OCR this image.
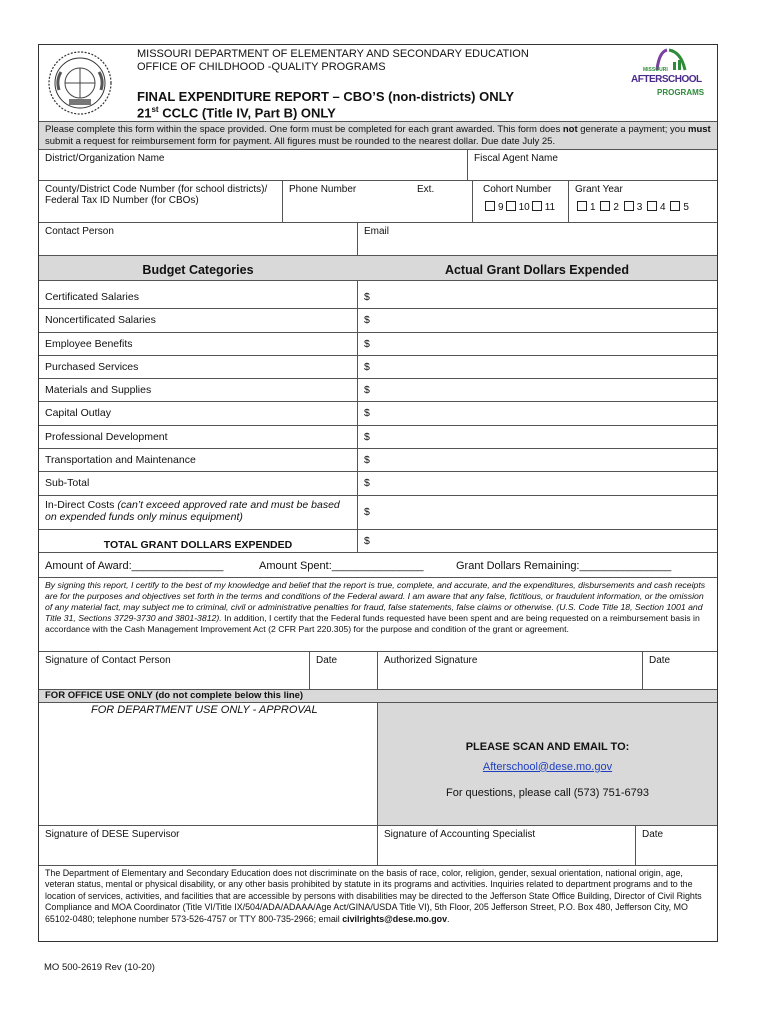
MISSOURI DEPARTMENT OF ELEMENTARY AND SECONDARY EDUCATION
OFFICE OF CHILDHOOD -QUALITY PROGRAMS
FINAL EXPENDITURE REPORT – CBO’S (non-districts) ONLY
21st CCLC (Title IV, Part B) ONLY
MISSOURI
AFTERSCHOOL
PROGRAMS
Please complete this form within the space provided. One form must be completed for each grant awarded. This form does not generate a payment; you must submit a request for reimbursement form for payment. All figures must be rounded to the nearest dollar. Due date July 25.
District/Organization Name	Fiscal Agent Name
County/District Code Number (for school districts)/ Federal Tax ID Number (for CBOs)
Phone Number	Ext.	Cohort Number
9 10 11
Grant Year
1 2 3 4 5
Contact Person	Email
Budget Categories	Actual Grant Dollars Expended
Certificated Salaries	$
Noncertificated Salaries	$
Employee Benefits	$
Purchased Services	$
Materials and Supplies	$
Capital Outlay	$
Professional Development	$
Transportation and Maintenance	$
Sub-Total	$
In-Direct Costs (can’t exceed approved rate and must be based on expended funds only minus equipment)	$
TOTAL GRANT DOLLARS EXPENDED	$
Amount of Award:_______________	Amount Spent:_______________	Grant Dollars Remaining:_______________
By signing this report, I certify to the best of my knowledge and belief that the report is true, complete, and accurate, and the expenditures, disbursements and cash receipts are for the purposes and objectives set forth in the terms and conditions of the Federal award. I am aware that any false, fictitious, or fraudulent information, or the omission of any material fact, may subject me to criminal, civil or administrative penalties for fraud, false statements, false claims or otherwise. (U.S. Code Title 18, Section 1001 and Title 31, Sections 3729-3730 and 3801-3812). In addition, I certify that the Federal funds requested have been spent and are being requested on a reimbursement basis in accordance with the Cash Management Improvement Act (2 CFR Part 220.305) for the purpose and condition of the grant or agreement.
Signature of Contact Person	Date	Authorized Signature	Date
FOR OFFICE USE ONLY (do not complete below this line)
FOR DEPARTMENT USE ONLY - APPROVAL
PLEASE SCAN AND EMAIL TO:
Afterschool@dese.mo.gov
For questions, please call (573) 751-6793
Signature of DESE Supervisor	Signature of Accounting Specialist	Date
The Department of Elementary and Secondary Education does not discriminate on the basis of race, color, religion, gender, sexual orientation, national origin, age, veteran status, mental or physical disability, or any other basis prohibited by statute in its programs and activities. Inquiries related to department programs and to the location of services, activities, and facilities that are accessible by persons with disabilities may be directed to the Jefferson State Office Building, Director of Civil Rights Compliance and MOA Coordinator (Title VI/Title IX/504/ADA/ADAAA/Age Act/GINA/USDA Title VI), 5th Floor, 205 Jefferson Street, P.O. Box 480, Jefferson City, MO 65102-0480; telephone number 573-526-4757 or TTY 800-735-2966; email civilrights@dese.mo.gov.
MO 500-2619 Rev (10-20)
